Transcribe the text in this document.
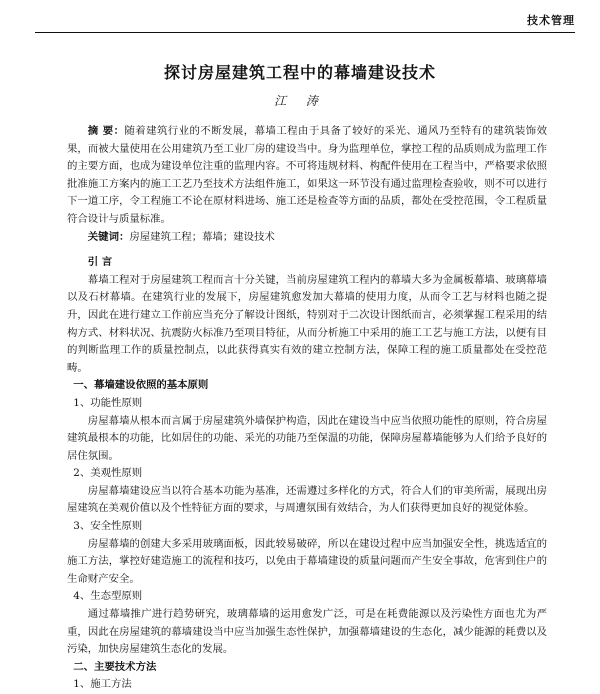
技术管理
探讨房屋建筑工程中的幕墙建设技术
江 涛

摘 要：随着建筑行业的不断发展，幕墙工程由于具备了较好的采光、通风乃至特有的建筑装饰效果，而被大量使用在公用建筑乃至工业厂房的建设当中。身为监理单位，掌控工程的品质则成为监理工作的主要方面，也成为建设单位注重的监理内容。不可将违规材料、构配件使用在工程当中，严格要求依照批准施工方案内的施工工艺乃至技术方法组件施工，如果这一环节没有通过监理检查验收，则不可以进行下一道工序，令工程施工不论在原材料进场、施工还是检查等方面的品质，都处在受控范围，令工程质量符合设计与质量标准。

关键词：房屋建筑工程；幕墙；建设技术

引 言

幕墙工程对于房屋建筑工程而言十分关键，当前房屋建筑工程内的幕墙大多为金属板幕墙、玻璃幕墙以及石材幕墙。在建筑行业的发展下，房屋建筑愈发加大幕墙的使用力度，从而令工艺与材料也随之提升，因此在进行建立工作前应当充分了解设计图纸，特别对于二次设计图纸而言，必须掌握工程采用的结构方式、材料状况、抗震防火标准乃至项目特征，从而分析施工中采用的施工工艺与施工方法，以便有目的判断监理工作的质量控制点，以此获得真实有效的建立控制方法，保障工程的施工质量都处在受控范畴。

一、幕墙建设依照的基本原则

1、功能性原则

房屋幕墙从根本而言属于房屋建筑外墙保护构造，因此在建设当中应当依照功能性的原则，符合房屋建筑最根本的功能，比如居住的功能、采光的功能乃至保温的功能，保障房屋幕墙能够为人们给予良好的居住氛围。

2、美观性原则

房屋幕墙建设应当以符合基本功能为基准，还需遵过多样化的方式，符合人们的审美所需，展现出房屋建筑在美观价值以及个性特征方面的要求，与周遭氛围有效结合，为人们获得更加良好的视觉体验。

3、安全性原则

房屋幕墙的创建大多采用玻璃面板，因此较易破碎，所以在建设过程中应当加强安全性，挑选适宜的施工方法，掌控好建造施工的流程和技巧，以免由于幕墙建设的质量问题而产生安全事故，危害到住户的生命财产安全。

4、生态型原则

通过幕墙推广进行趋势研究，玻璃幕墙的运用愈发广泛，可是在耗费能源以及污染性方面也尤为严重，因此在房屋建筑的幕墙建设当中应当加强生态性保护，加强幕墙建设的生态化，减少能源的耗费以及污染，加快房屋建筑生态化的发展。

二、主要技术方法

1、施工方法
